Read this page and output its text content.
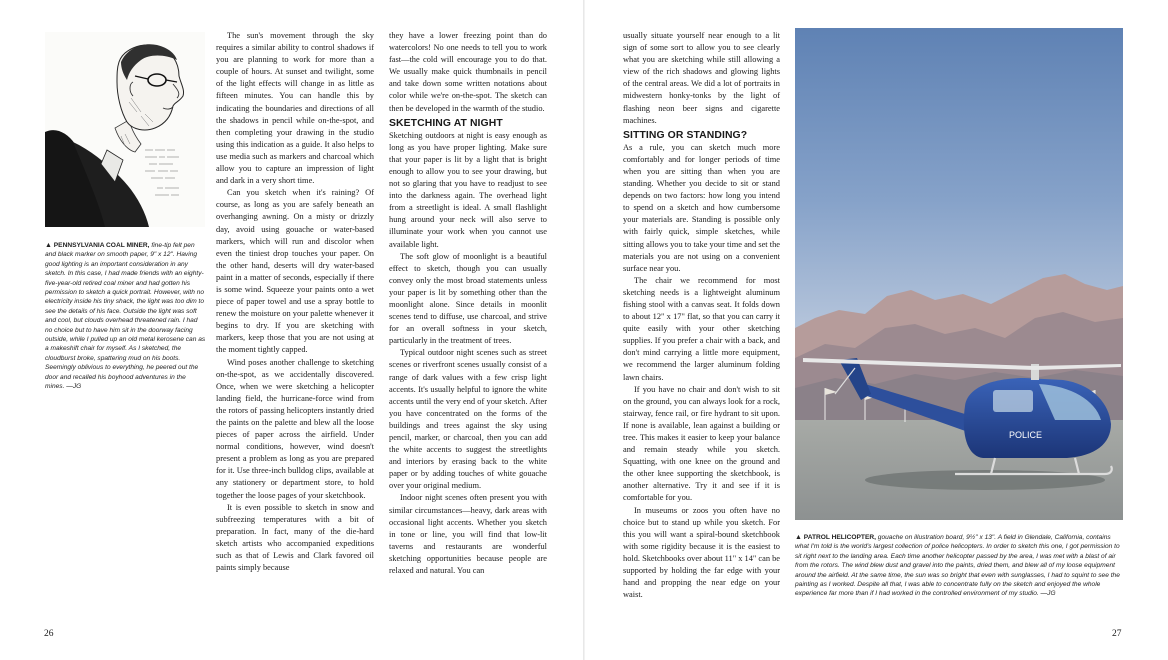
▲ PENNSYLVANIA COAL MINER, fine-tip felt pen and black marker on smooth paper, 9" x 12". Having good lighting is an important consideration in any sketch. In this case, I had made friends with an eighty-five-year-old retired coal miner and had gotten his permission to sketch a quick portrait. However, with no electricity inside his tiny shack, the light was too dim to see the details of his face. Outside the light was soft and cool, but clouds overhead threatened rain. I had no choice but to have him sit in the doorway facing outside, while I pulled up an old metal kerosene can as a makeshift chair for myself. As I sketched, the cloudburst broke, spattering mud on his boots. Seemingly oblivious to everything, he peered out the door and recalled his boyhood adventures in the mines. —JG

The sun's movement through the sky requires a similar ability to control shadows if you are planning to work for more than a couple of hours. At sunset and twilight, some of the light effects will change in as little as fifteen minutes. You can handle this by indicating the boundaries and directions of all the shadows in pencil while on-the-spot, and then completing your drawing in the studio using this indication as a guide. It also helps to use media such as markers and charcoal which allow you to capture an impression of light and dark in a very short time.

Can you sketch when it's raining? Of course, as long as you are safely beneath an overhanging awning. On a misty or drizzly day, avoid using gouache or water-based markers, which will run and discolor when even the tiniest drop touches your paper. On the other hand, deserts will dry water-based paint in a matter of seconds, especially if there is some wind. Squeeze your paints onto a wet piece of paper towel and use a spray bottle to renew the moisture on your palette whenever it begins to dry. If you are sketching with markers, keep those that you are not using at the moment tightly capped.

Wind poses another challenge to sketching on-the-spot, as we accidentally discovered. Once, when we were sketching a helicopter landing field, the hurricane-force wind from the rotors of passing helicopters instantly dried the paints on the palette and blew all the loose pieces of paper across the airfield. Under normal conditions, however, wind doesn't present a problem as long as you are prepared for it. Use three-inch bulldog clips, available at any stationery or department store, to hold together the loose pages of your sketchbook.

It is even possible to sketch in snow and subfreezing temperatures with a bit of preparation. In fact, many of the die-hard sketch artists who accompanied expeditions such as that of Lewis and Clark favored oil paints simply because

they have a lower freezing point than do watercolors! No one needs to tell you to work fast—the cold will encourage you to do that. We usually make quick thumbnails in pencil and take down some written notations about color while we're on-the-spot. The sketch can then be developed in the warmth of the studio.

SKETCHING AT NIGHT

Sketching outdoors at night is easy enough as long as you have proper lighting. Make sure that your paper is lit by a light that is bright enough to allow you to see your drawing, but not so glaring that you have to readjust to see into the darkness again. The overhead light from a streetlight is ideal. A small flashlight hung around your neck will also serve to illuminate your work when you cannot use available light.

The soft glow of moonlight is a beautiful effect to sketch, though you can usually convey only the most broad statements unless your paper is lit by something other than the moonlight alone. Since details in moonlit scenes tend to diffuse, use charcoal, and strive for an overall softness in your sketch, particularly in the treatment of trees.

Typical outdoor night scenes such as street scenes or riverfront scenes usually consist of a range of dark values with a few crisp light accents. It's usually helpful to ignore the white accents until the very end of your sketch. After you have concentrated on the forms of the buildings and trees against the sky using pencil, marker, or charcoal, then you can add the white accents to suggest the streetlights and interiors by erasing back to the white paper or by adding touches of white gouache over your original medium.

Indoor night scenes often present you with similar circumstances—heavy, dark areas with occasional light accents. Whether you sketch in tone or line, you will find that low-lit taverns and restaurants are wonderful sketching opportunities because people are relaxed and natural. You can

26

usually situate yourself near enough to a lit sign of some sort to allow you to see clearly what you are sketching while still allowing a view of the rich shadows and glowing lights of the central areas. We did a lot of portraits in midwestern honky-tonks by the light of flashing neon beer signs and cigarette machines.

SITTING OR STANDING?

As a rule, you can sketch much more comfortably and for longer periods of time when you are sitting than when you are standing. Whether you decide to sit or stand depends on two factors: how long you intend to spend on a sketch and how cumbersome your materials are. Standing is possible only with fairly quick, simple sketches, while sitting allows you to take your time and set the materials you are not using on a convenient surface near you.

The chair we recommend for most sketching needs is a lightweight aluminum fishing stool with a canvas seat. It folds down to about 12" x 17" flat, so that you can carry it quite easily with your other sketching supplies. If you prefer a chair with a back, and don't mind carrying a little more equipment, we recommend the larger aluminum folding lawn chairs.

If you have no chair and don't wish to sit on the ground, you can always look for a rock, stairway, fence rail, or fire hydrant to sit upon. If none is available, lean against a building or tree. This makes it easier to keep your balance and remain steady while you sketch. Squatting, with one knee on the ground and the other knee supporting the sketchbook, is another alternative. Try it and see if it is comfortable for you.

In museums or zoos you often have no choice but to stand up while you sketch. For this you will want a spiral-bound sketchbook with some rigidity because it is the easiest to hold. Sketchbooks over about 11" x 14" can be supported by holding the far edge with your hand and propping the near edge on your waist.

POLICE
▲ PATROL HELICOPTER, gouache on illustration board, 9½" x 13". A field in Glendale, California, contains what I'm told is the world's largest collection of police helicopters. In order to sketch this one, I got permission to sit right next to the landing area. Each time another helicopter passed by the area, I was met with a blast of air from the rotors. The wind blew dust and gravel into the paints, dried them, and blew all of my loose equipment around the airfield. At the same time, the sun was so bright that even with sunglasses, I had to squint to see the painting as I worked. Despite all that, I was able to concentrate fully on the sketch and enjoyed the whole experience far more than if I had worked in the controlled environment of my studio. —JG
27
